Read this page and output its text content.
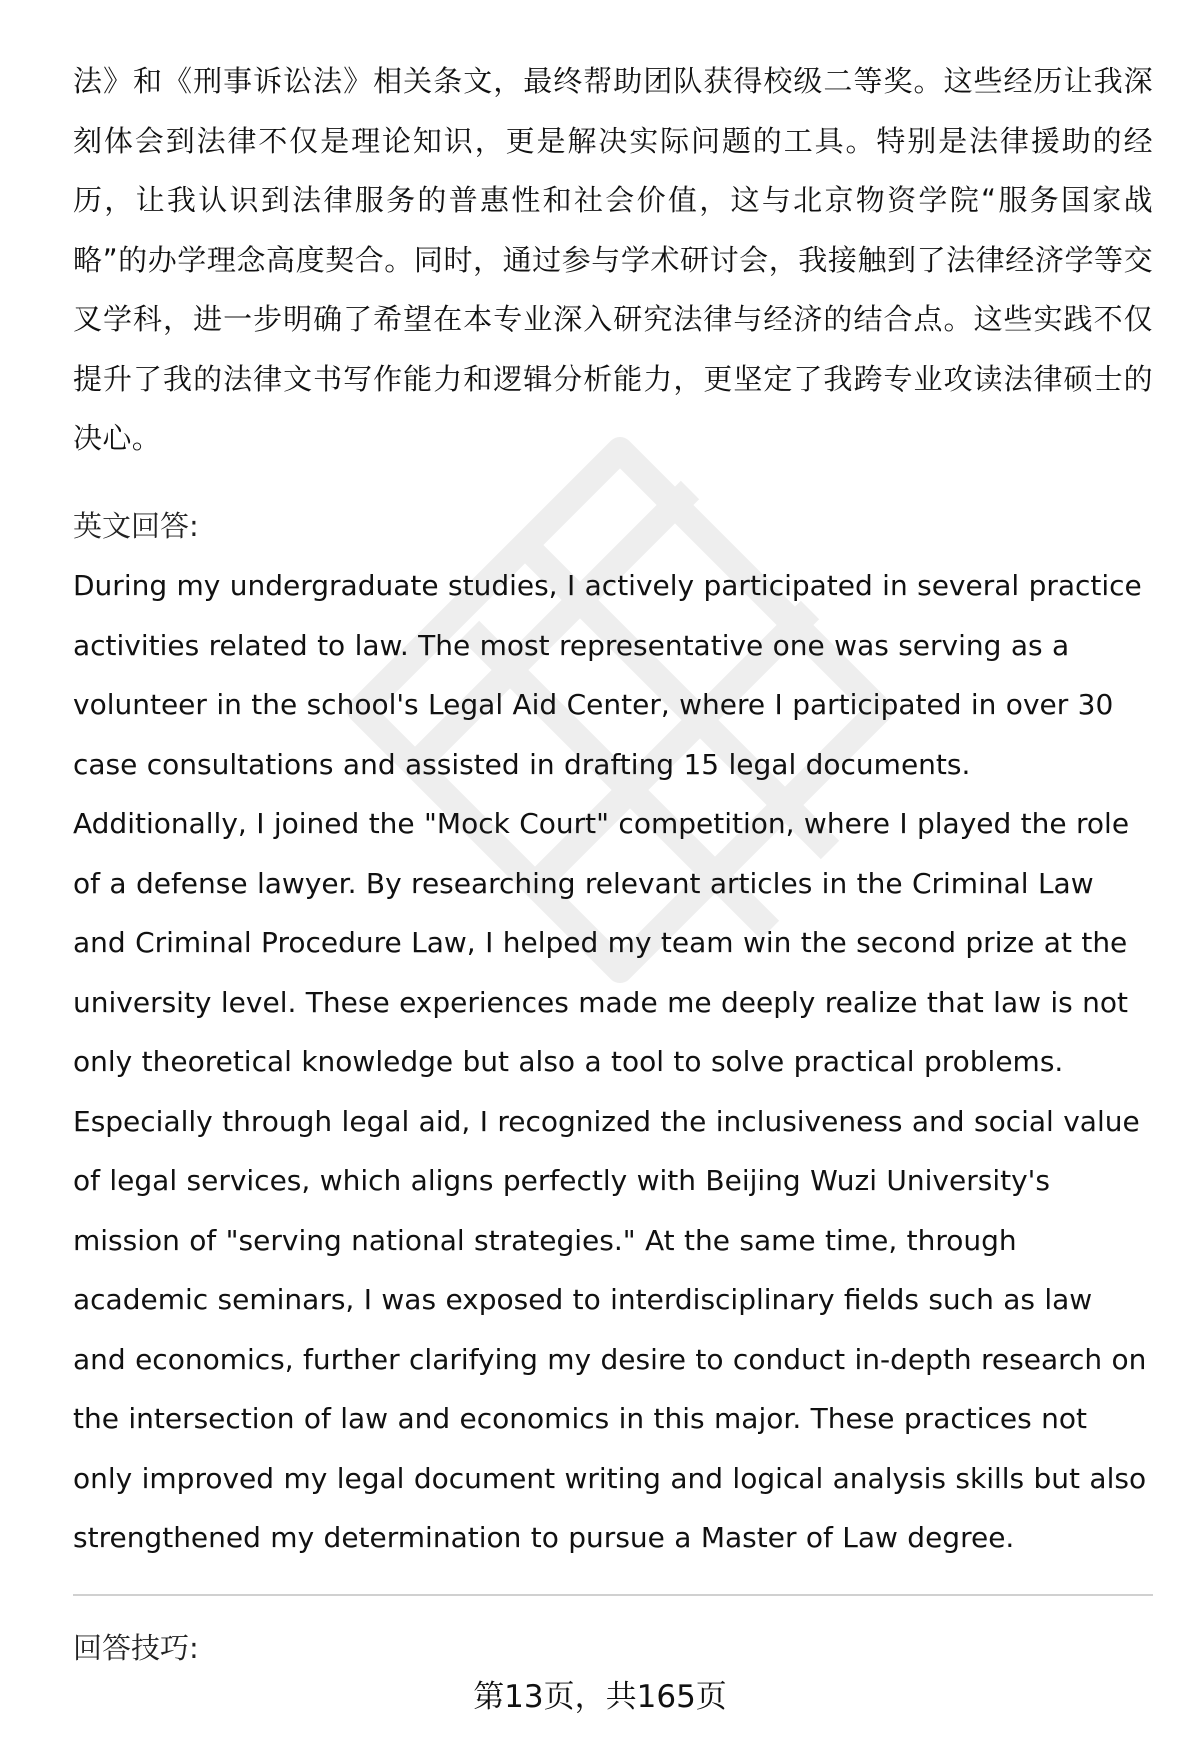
法》和《刑事诉讼法》相关条文，最终帮助团队获得校级二等奖。这些经历让我深刻体会到法律不仅是理论知识，更是解决实际问题的工具。特别是法律援助的经历，让我认识到法律服务的普惠性和社会价值，这与北京物资学院“服务国家战略”的办学理念高度契合。同时，通过参与学术研讨会，我接触到了法律经济学等交叉学科，进一步明确了希望在本专业深入研究法律与经济的结合点。这些实践不仅提升了我的法律文书写作能力和逻辑分析能力，更坚定了我跨专业攻读法律硕士的决心。

英文回答:

During my undergraduate studies, I actively participated in several practice activities related to law. The most representative one was serving as a volunteer in the school's Legal Aid Center, where I participated in over 30 case consultations and assisted in drafting 15 legal documents. Additionally, I joined the "Mock Court" competition, where I played the role of a defense lawyer. By researching relevant articles in the Criminal Law and Criminal Procedure Law, I helped my team win the second prize at the university level. These experiences made me deeply realize that law is not only theoretical knowledge but also a tool to solve practical problems. Especially through legal aid, I recognized the inclusiveness and social value of legal services, which aligns perfectly with Beijing Wuzi University's mission of "serving national strategies." At the same time, through academic seminars, I was exposed to interdisciplinary fields such as law and economics, further clarifying my desire to conduct in-depth research on the intersection of law and economics in this major. These practices not only improved my legal document writing and logical analysis skills but also strengthened my determination to pursue a Master of Law degree.

回答技巧:
第13页，共165页
